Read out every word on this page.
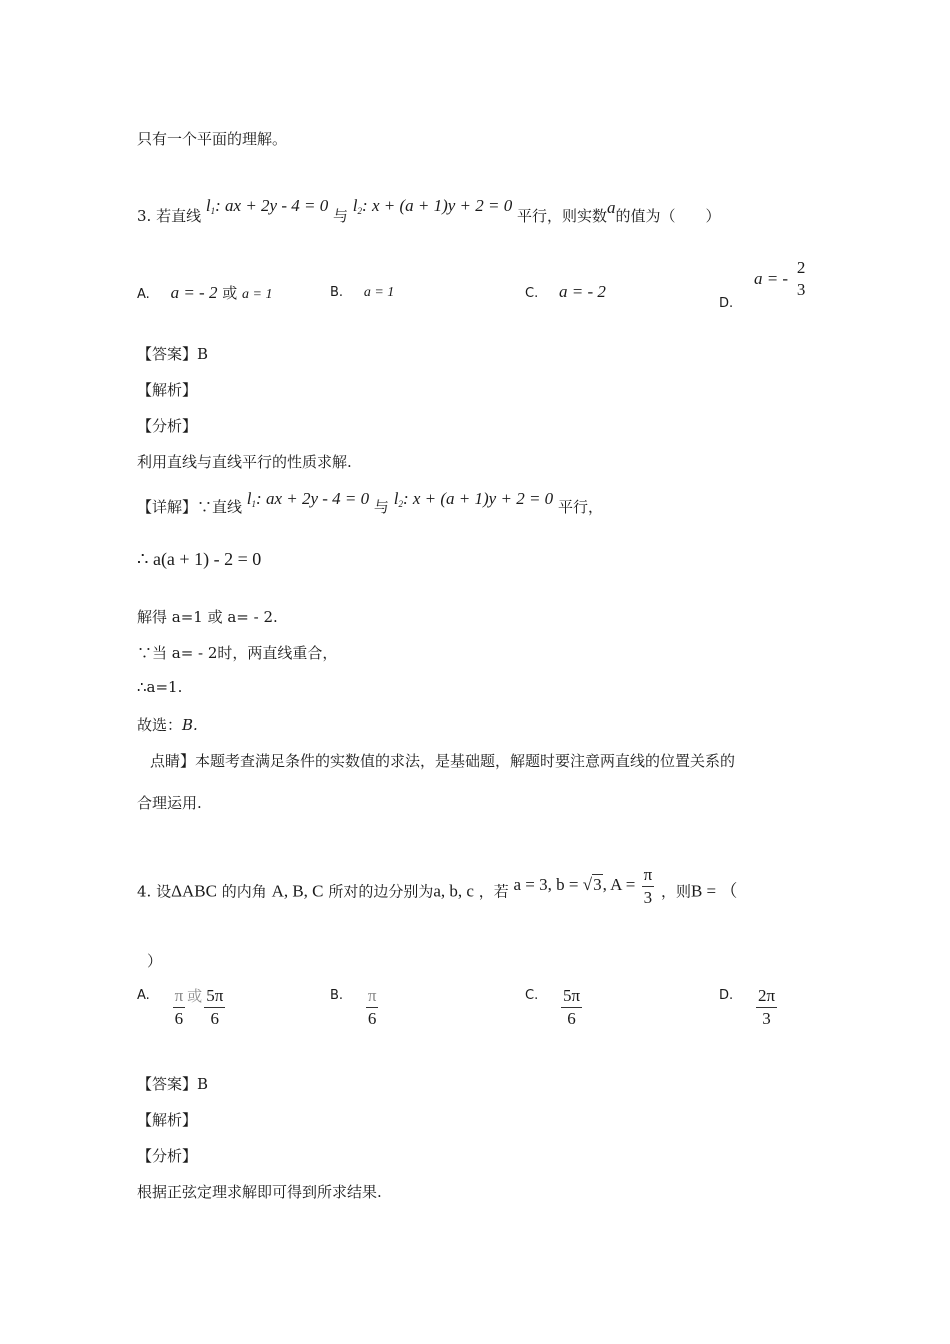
只有一个平面的理解。
3. 若直线 $l_1$: ax + 2y - 4 = 0 与 $l_2$: x + (a + 1)y + 2 = 0 平行，则实数a的值为（　　）
A. a = - 2 或 a = 1	B. a = 1	C. a = - 2
D. a = -
2
3
【答案】B
【解析】
【分析】
利用直线与直线平行的性质求解.
【详解】∵直线 $l_1$: ax + 2y - 4 = 0 与 $l_2$: x + (a + 1)y + 2 = 0 平行，
∴ a(a + 1) - 2 = 0
解得 a=1 或 a= - 2.
∵当 a= - 2时，两直线重合，
∴a=1.
故选：B.
点睛】本题考查满足条件的实数值的求法，是基础题，解题时要注意两直线的位置关系的
合理运用.
4. 设ΔABC 的内角 A, B, C 所对的边分别为a, b, c ，若 a = 3, b = √3, $A = \frac{\pi}{3}$ ，则B = （
）
A. $\frac{\pi}{6}$ 或 $\frac{5\pi}{6}$	B. $\frac{\pi}{6}$	C. $\frac{5\pi}{6}$	D. $\frac{2\pi}{3}$
【答案】B
【解析】
【分析】
根据正弦定理求解即可得到所求结果.
